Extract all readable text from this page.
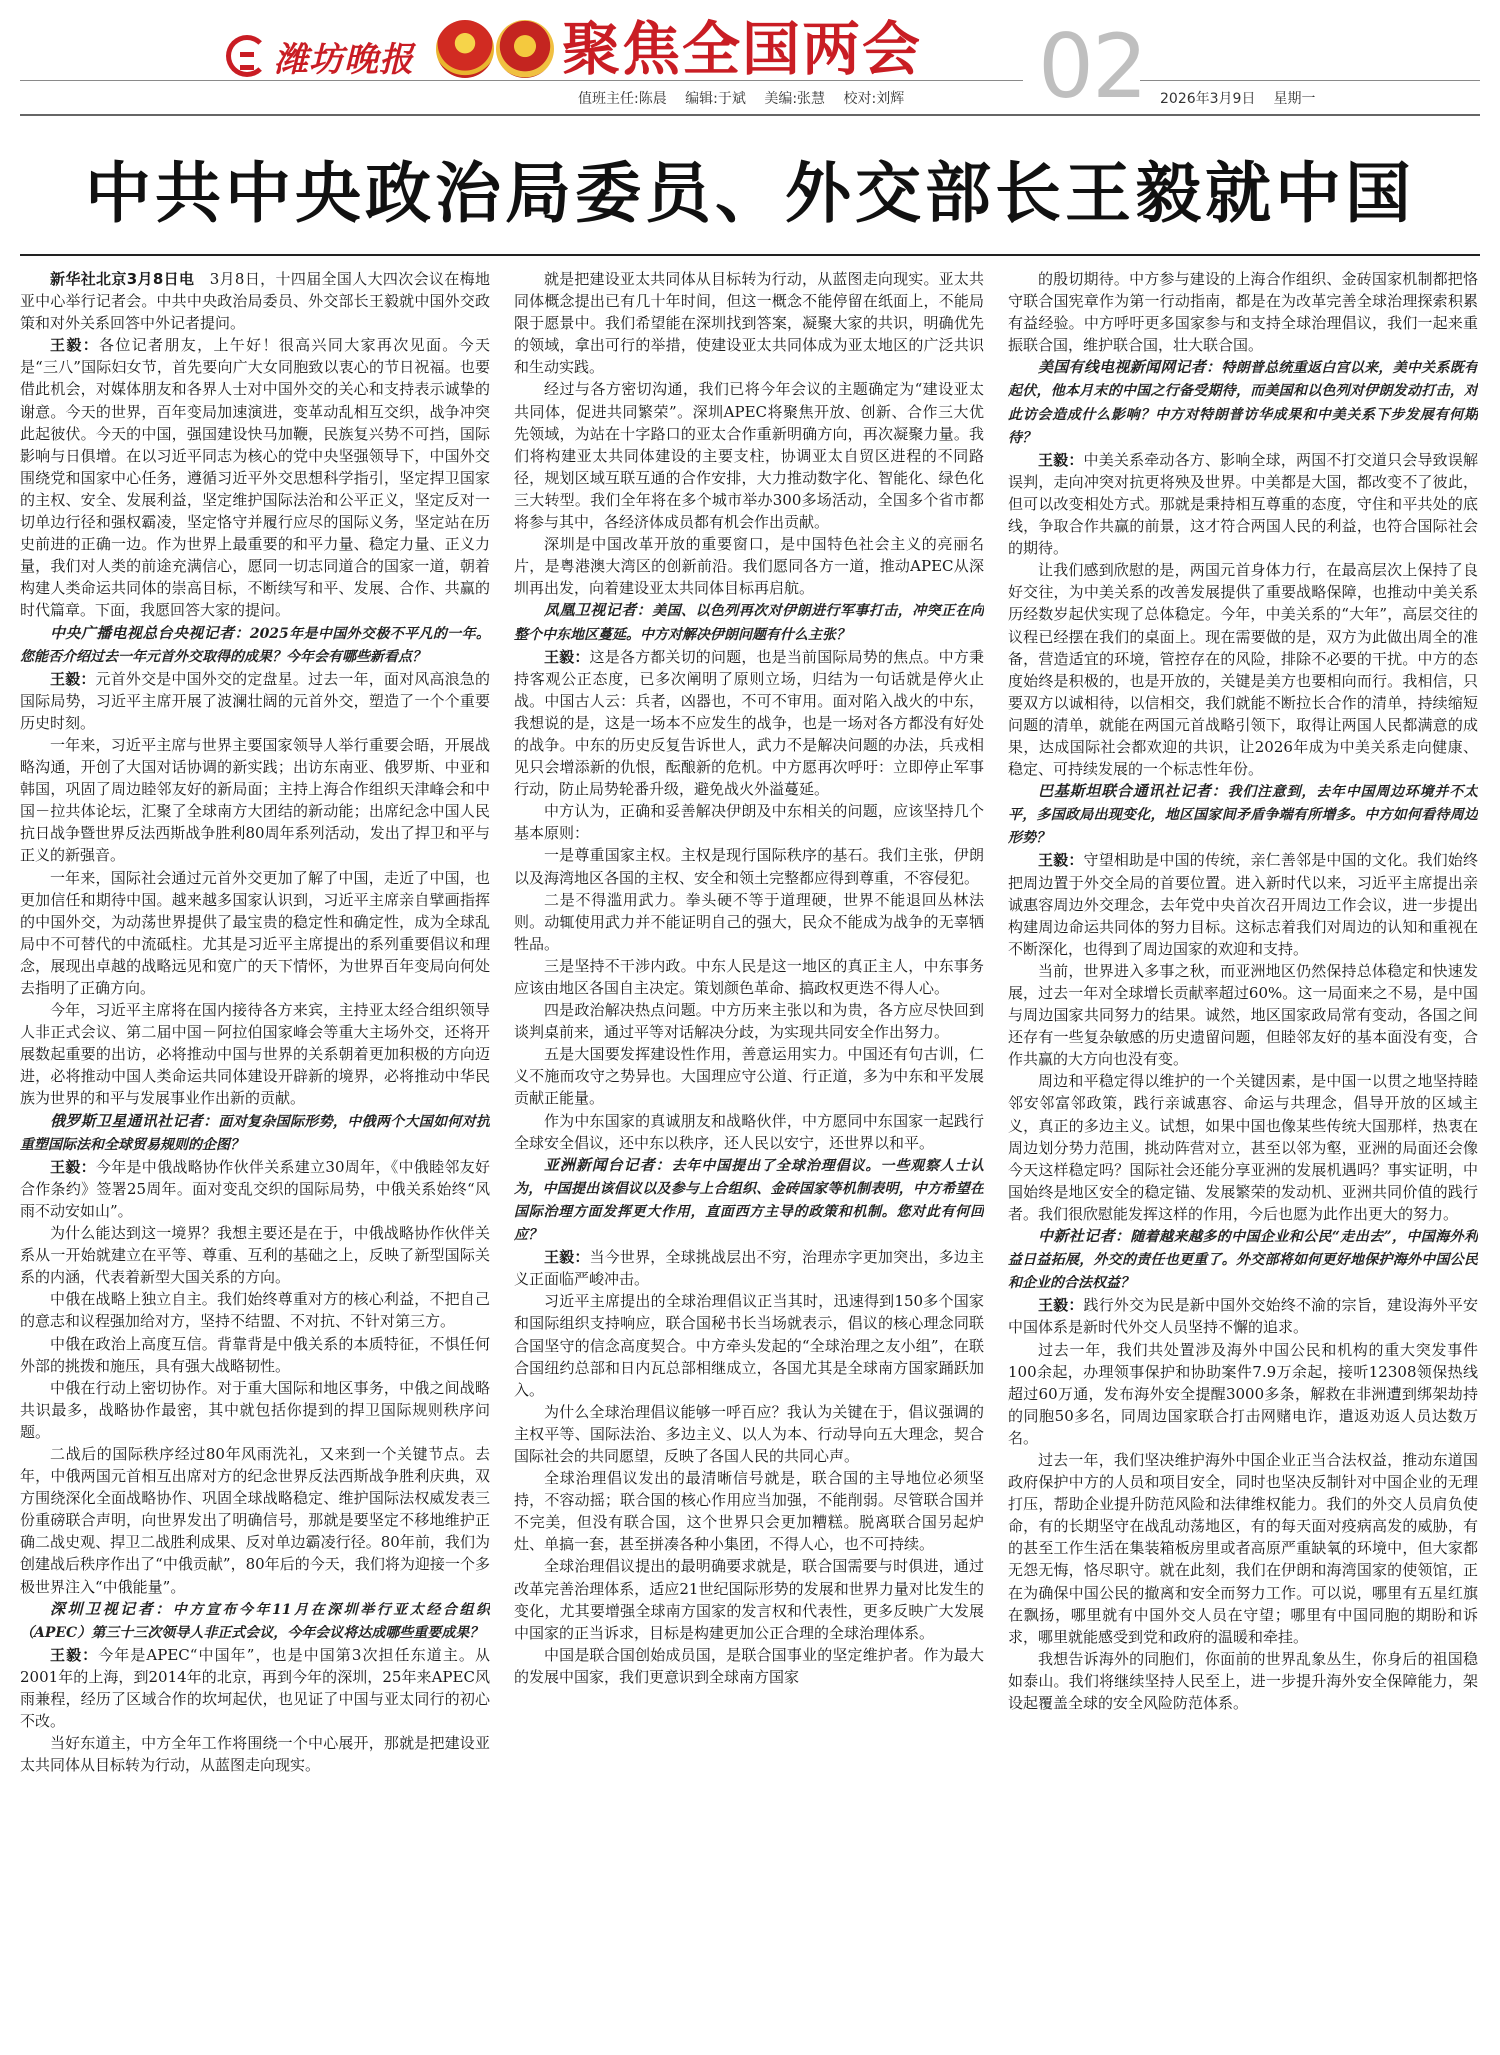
潍坊晚报	聚焦全国两会 02
值班主任:陈晨 编辑:于斌 美编:张慧 校对:刘辉	2026年3月9日 星期一
中共中央政治局委员、外交部长王毅就中国

新华社北京3月8日电　3月8日，十四届全国人大四次会议在梅地亚中心举行记者会。中共中央政治局委员、外交部长王毅就中国外交政策和对外关系回答中外记者提问。

王毅：各位记者朋友，上午好！很高兴同大家再次见面。今天是“三八”国际妇女节，首先要向广大女同胞致以衷心的节日祝福。也要借此机会，对媒体朋友和各界人士对中国外交的关心和支持表示诚挚的谢意。今天的世界，百年变局加速演进，变革动乱相互交织，战争冲突此起彼伏。今天的中国，强国建设快马加鞭，民族复兴势不可挡，国际影响与日俱增。在以习近平同志为核心的党中央坚强领导下，中国外交围绕党和国家中心任务，遵循习近平外交思想科学指引，坚定捍卫国家的主权、安全、发展利益，坚定维护国际法治和公平正义，坚定反对一切单边行径和强权霸凌，坚定恪守并履行应尽的国际义务，坚定站在历史前进的正确一边。作为世界上最重要的和平力量、稳定力量、正义力量，我们对人类的前途充满信心，愿同一切志同道合的国家一道，朝着构建人类命运共同体的崇高目标，不断续写和平、发展、合作、共赢的时代篇章。下面，我愿回答大家的提问。

中央广播电视总台央视记者：2025年是中国外交极不平凡的一年。您能否介绍过去一年元首外交取得的成果？今年会有哪些新看点？

王毅：元首外交是中国外交的定盘星。过去一年，面对风高浪急的国际局势，习近平主席开展了波澜壮阔的元首外交，塑造了一个个重要历史时刻。

一年来，习近平主席与世界主要国家领导人举行重要会晤，开展战略沟通，开创了大国对话协调的新实践；出访东南亚、俄罗斯、中亚和韩国，巩固了周边睦邻友好的新局面；主持上海合作组织天津峰会和中国－拉共体论坛，汇聚了全球南方大团结的新动能；出席纪念中国人民抗日战争暨世界反法西斯战争胜利80周年系列活动，发出了捍卫和平与正义的新强音。

一年来，国际社会通过元首外交更加了解了中国，走近了中国，也更加信任和期待中国。越来越多国家认识到，习近平主席亲自擘画指挥的中国外交，为动荡世界提供了最宝贵的稳定性和确定性，成为全球乱局中不可替代的中流砥柱。尤其是习近平主席提出的系列重要倡议和理念，展现出卓越的战略远见和宽广的天下情怀，为世界百年变局向何处去指明了正确方向。

今年，习近平主席将在国内接待各方来宾，主持亚太经合组织领导人非正式会议、第二届中国－阿拉伯国家峰会等重大主场外交，还将开展数起重要的出访，必将推动中国与世界的关系朝着更加积极的方向迈进，必将推动中国人类命运共同体建设开辟新的境界，必将推动中华民族为世界的和平与发展事业作出新的贡献。

俄罗斯卫星通讯社记者：面对复杂国际形势，中俄两个大国如何对抗重塑国际法和全球贸易规则的企图？

王毅：今年是中俄战略协作伙伴关系建立30周年，《中俄睦邻友好合作条约》签署25周年。面对变乱交织的国际局势，中俄关系始终“风雨不动安如山”。

为什么能达到这一境界？我想主要还是在于，中俄战略协作伙伴关系从一开始就建立在平等、尊重、互利的基础之上，反映了新型国际关系的内涵，代表着新型大国关系的方向。

中俄在战略上独立自主。我们始终尊重对方的核心利益，不把自己的意志和议程强加给对方，坚持不结盟、不对抗、不针对第三方。

中俄在政治上高度互信。背靠背是中俄关系的本质特征，不惧任何外部的挑拨和施压，具有强大战略韧性。

中俄在行动上密切协作。对于重大国际和地区事务，中俄之间战略共识最多，战略协作最密，其中就包括你提到的捍卫国际规则秩序问题。

二战后的国际秩序经过80年风雨洗礼，又来到一个关键节点。去年，中俄两国元首相互出席对方的纪念世界反法西斯战争胜利庆典，双方围绕深化全面战略协作、巩固全球战略稳定、维护国际法权威发表三份重磅联合声明，向世界发出了明确信号，那就是要坚定不移地维护正确二战史观、捍卫二战胜利成果、反对单边霸凌行径。80年前，我们为创建战后秩序作出了“中俄贡献”，80年后的今天，我们将为迎接一个多极世界注入“中俄能量”。

深圳卫视记者：中方宣布今年11月在深圳举行亚太经合组织（APEC）第三十三次领导人非正式会议，今年会议将达成哪些重要成果？

王毅：今年是APEC“中国年”，也是中国第3次担任东道主。从2001年的上海，到2014年的北京，再到今年的深圳，25年来APEC风雨兼程，经历了区域合作的坎坷起伏，也见证了中国与亚太同行的初心不改。

当好东道主，中方全年工作将围绕一个中心展开，那就是把建设亚太共同体从目标转为行动，从蓝图走向现实。

就是把建设亚太共同体从目标转为行动，从蓝图走向现实。亚太共同体概念提出已有几十年时间，但这一概念不能停留在纸面上，不能局限于愿景中。我们希望能在深圳找到答案，凝聚大家的共识，明确优先的领域，拿出可行的举措，使建设亚太共同体成为亚太地区的广泛共识和生动实践。

经过与各方密切沟通，我们已将今年会议的主题确定为“建设亚太共同体，促进共同繁荣”。深圳APEC将聚焦开放、创新、合作三大优先领域，为站在十字路口的亚太合作重新明确方向，再次凝聚力量。我们将构建亚太共同体建设的主要支柱，协调亚太自贸区进程的不同路径，规划区域互联互通的合作安排，大力推动数字化、智能化、绿色化三大转型。我们全年将在多个城市举办300多场活动，全国多个省市都将参与其中，各经济体成员都有机会作出贡献。

深圳是中国改革开放的重要窗口，是中国特色社会主义的亮丽名片，是粤港澳大湾区的创新前沿。我们愿同各方一道，推动APEC从深圳再出发，向着建设亚太共同体目标再启航。

凤凰卫视记者：美国、以色列再次对伊朗进行军事打击，冲突正在向整个中东地区蔓延。中方对解决伊朗问题有什么主张？

王毅：这是各方都关切的问题，也是当前国际局势的焦点。中方秉持客观公正态度，已多次阐明了原则立场，归结为一句话就是停火止战。中国古人云：兵者，凶器也，不可不审用。面对陷入战火的中东，我想说的是，这是一场本不应发生的战争，也是一场对各方都没有好处的战争。中东的历史反复告诉世人，武力不是解决问题的办法，兵戎相见只会增添新的仇恨，酝酿新的危机。中方愿再次呼吁：立即停止军事行动，防止局势轮番升级，避免战火外溢蔓延。

中方认为，正确和妥善解决伊朗及中东相关的问题，应该坚持几个基本原则：

一是尊重国家主权。主权是现行国际秩序的基石。我们主张，伊朗以及海湾地区各国的主权、安全和领土完整都应得到尊重，不容侵犯。

二是不得滥用武力。拳头硬不等于道理硬，世界不能退回丛林法则。动辄使用武力并不能证明自己的强大，民众不能成为战争的无辜牺牲品。

三是坚持不干涉内政。中东人民是这一地区的真正主人，中东事务应该由地区各国自主决定。策划颜色革命、搞政权更迭不得人心。

四是政治解决热点问题。中方历来主张以和为贵，各方应尽快回到谈判桌前来，通过平等对话解决分歧，为实现共同安全作出努力。

五是大国要发挥建设性作用，善意运用实力。中国还有句古训，仁义不施而攻守之势异也。大国理应守公道、行正道，多为中东和平发展贡献正能量。

作为中东国家的真诚朋友和战略伙伴，中方愿同中东国家一起践行全球安全倡议，还中东以秩序，还人民以安宁，还世界以和平。

亚洲新闻台记者：去年中国提出了全球治理倡议。一些观察人士认为，中国提出该倡议以及参与上合组织、金砖国家等机制表明，中方希望在国际治理方面发挥更大作用，直面西方主导的政策和机制。您对此有何回应？

王毅：当今世界，全球挑战层出不穷，治理赤字更加突出，多边主义正面临严峻冲击。

习近平主席提出的全球治理倡议正当其时，迅速得到150多个国家和国际组织支持响应，联合国秘书长当场就表示，倡议的核心理念同联合国坚守的信念高度契合。中方牵头发起的“全球治理之友小组”，在联合国纽约总部和日内瓦总部相继成立，各国尤其是全球南方国家踊跃加入。

为什么全球治理倡议能够一呼百应？我认为关键在于，倡议强调的主权平等、国际法治、多边主义、以人为本、行动导向五大理念，契合国际社会的共同愿望，反映了各国人民的共同心声。

全球治理倡议发出的最清晰信号就是，联合国的主导地位必须坚持，不容动摇；联合国的核心作用应当加强，不能削弱。尽管联合国并不完美，但没有联合国，这个世界只会更加糟糕。脱离联合国另起炉灶、单搞一套，甚至拼凑各种小集团，不得人心，也不可持续。

全球治理倡议提出的最明确要求就是，联合国需要与时俱进，通过改革完善治理体系，适应21世纪国际形势的发展和世界力量对比发生的变化，尤其要增强全球南方国家的发言权和代表性，更多反映广大发展中国家的正当诉求，目标是构建更加公正合理的全球治理体系。

中国是联合国创始成员国，是联合国事业的坚定维护者。作为最大的发展中国家，我们更意识到全球南方国家

的殷切期待。中方参与建设的上海合作组织、金砖国家机制都把恪守联合国宪章作为第一行动指南，都是在为改革完善全球治理探索积累有益经验。中方呼吁更多国家参与和支持全球治理倡议，我们一起来重振联合国，维护联合国，壮大联合国。

美国有线电视新闻网记者：特朗普总统重返白宫以来，美中关系既有起伏，他本月末的中国之行备受期待，而美国和以色列对伊朗发动打击，对此访会造成什么影响？中方对特朗普访华成果和中美关系下步发展有何期待？

王毅：中美关系牵动各方、影响全球，两国不打交道只会导致误解误判，走向冲突对抗更将殃及世界。中美都是大国，都改变不了彼此，但可以改变相处方式。那就是秉持相互尊重的态度，守住和平共处的底线，争取合作共赢的前景，这才符合两国人民的利益，也符合国际社会的期待。

让我们感到欣慰的是，两国元首身体力行，在最高层次上保持了良好交往，为中美关系的改善发展提供了重要战略保障，也推动中美关系历经数岁起伏实现了总体稳定。今年，中美关系的“大年”，高层交往的议程已经摆在我们的桌面上。现在需要做的是，双方为此做出周全的准备，营造适宜的环境，管控存在的风险，排除不必要的干扰。中方的态度始终是积极的，也是开放的，关键是美方也要相向而行。我相信，只要双方以诚相待，以信相交，我们就能不断拉长合作的清单，持续缩短问题的清单，就能在两国元首战略引领下，取得让两国人民都满意的成果，达成国际社会都欢迎的共识，让2026年成为中美关系走向健康、稳定、可持续发展的一个标志性年份。

巴基斯坦联合通讯社记者：我们注意到，去年中国周边环境并不太平，多国政局出现变化，地区国家间矛盾争端有所增多。中方如何看待周边形势？

王毅：守望相助是中国的传统，亲仁善邻是中国的文化。我们始终把周边置于外交全局的首要位置。进入新时代以来，习近平主席提出亲诚惠容周边外交理念，去年党中央首次召开周边工作会议，进一步提出构建周边命运共同体的努力目标。这标志着我们对周边的认知和重视在不断深化，也得到了周边国家的欢迎和支持。

当前，世界进入多事之秋，而亚洲地区仍然保持总体稳定和快速发展，过去一年对全球增长贡献率超过60%。这一局面来之不易，是中国与周边国家共同努力的结果。诚然，地区国家政局常有变动，各国之间还存有一些复杂敏感的历史遗留问题，但睦邻友好的基本面没有变，合作共赢的大方向也没有变。

周边和平稳定得以维护的一个关键因素，是中国一以贯之地坚持睦邻安邻富邻政策，践行亲诚惠容、命运与共理念，倡导开放的区域主义，真正的多边主义。试想，如果中国也像某些传统大国那样，热衷在周边划分势力范围，挑动阵营对立，甚至以邻为壑，亚洲的局面还会像今天这样稳定吗？国际社会还能分享亚洲的发展机遇吗？事实证明，中国始终是地区安全的稳定锚、发展繁荣的发动机、亚洲共同价值的践行者。我们很欣慰能发挥这样的作用，今后也愿为此作出更大的努力。

中新社记者：随着越来越多的中国企业和公民“走出去”，中国海外利益日益拓展，外交的责任也更重了。外交部将如何更好地保护海外中国公民和企业的合法权益？

王毅：践行外交为民是新中国外交始终不渝的宗旨，建设海外平安中国体系是新时代外交人员坚持不懈的追求。

过去一年，我们共处置涉及海外中国公民和机构的重大突发事件100余起，办理领事保护和协助案件7.9万余起，接听12308领保热线超过60万通，发布海外安全提醒3000多条，解救在非洲遭到绑架劫持的同胞50多名，同周边国家联合打击网赌电诈，遣返劝返人员达数万名。

过去一年，我们坚决维护海外中国企业正当合法权益，推动东道国政府保护中方的人员和项目安全，同时也坚决反制针对中国企业的无理打压，帮助企业提升防范风险和法律维权能力。我们的外交人员肩负使命，有的长期坚守在战乱动荡地区，有的每天面对疫病高发的威胁，有的甚至工作生活在集装箱板房里或者高原严重缺氧的环境中，但大家都无怨无悔，恪尽职守。就在此刻，我们在伊朗和海湾国家的使领馆，正在为确保中国公民的撤离和安全而努力工作。可以说，哪里有五星红旗在飘扬，哪里就有中国外交人员在守望；哪里有中国同胞的期盼和诉求，哪里就能感受到党和政府的温暖和牵挂。

我想告诉海外的同胞们，你面前的世界乱象丛生，你身后的祖国稳如泰山。我们将继续坚持人民至上，进一步提升海外安全保障能力，架设起覆盖全球的安全风险防范体系。
